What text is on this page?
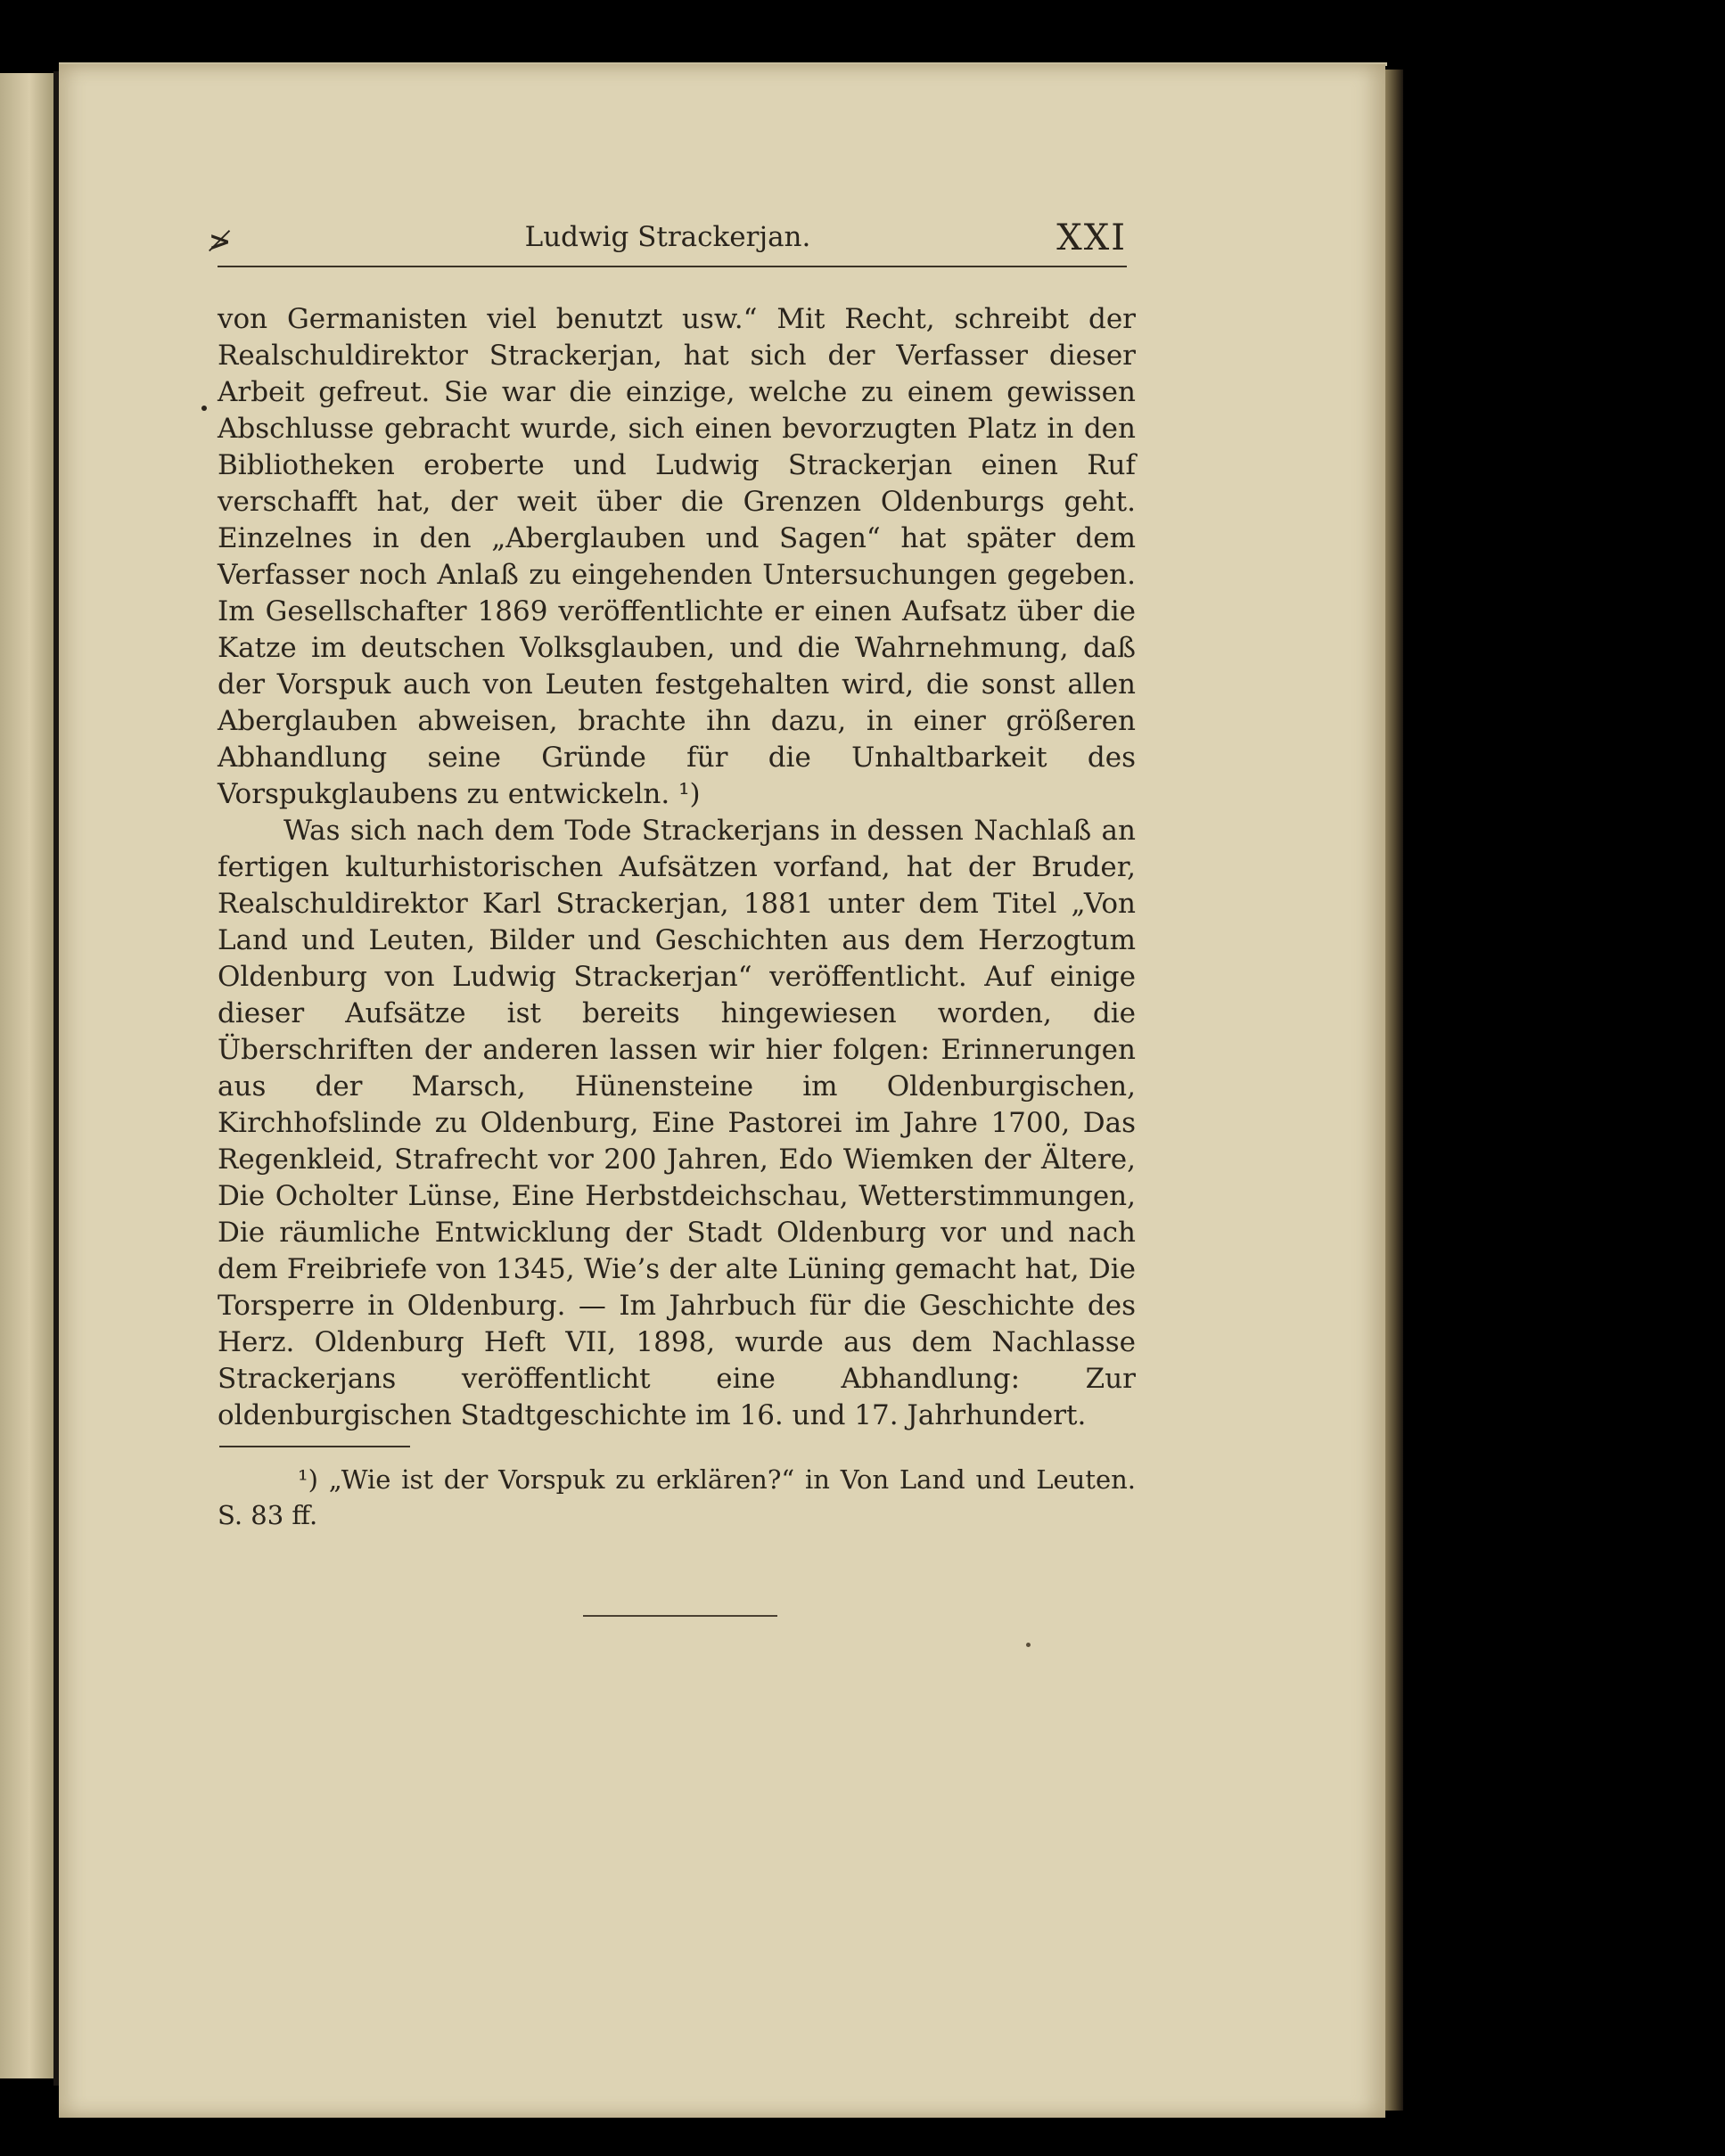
≯	Ludwig Strackerjan.	XXI

von Germanisten viel benutzt usw.“ Mit Recht, schreibt der Realschuldirektor Strackerjan, hat sich der Verfasser dieser Arbeit gefreut. Sie war die einzige, welche zu einem gewissen Abschlusse gebracht wurde, sich einen bevorzugten Platz in den Bibliotheken eroberte und Ludwig Strackerjan einen Ruf verschafft hat, der weit über die Grenzen Oldenburgs geht. Einzelnes in den „Aberglauben und Sagen“ hat später dem Verfasser noch Anlaß zu eingehenden Untersuchungen gegeben. Im Gesellschafter 1869 veröffentlichte er einen Aufsatz über die Katze im deutschen Volksglauben, und die Wahrnehmung, daß der Vorspuk auch von Leuten festgehalten wird, die sonst allen Aberglauben abweisen, brachte ihn dazu, in einer größeren Abhandlung seine Gründe für die Unhaltbarkeit des Vorspukglaubens zu entwickeln. ¹)

Was sich nach dem Tode Strackerjans in dessen Nachlaß an fertigen kulturhistorischen Aufsätzen vorfand, hat der Bruder, Realschuldirektor Karl Strackerjan, 1881 unter dem Titel „Von Land und Leuten, Bilder und Geschichten aus dem Herzogtum Oldenburg von Ludwig Strackerjan“ veröffentlicht. Auf einige dieser Aufsätze ist bereits hingewiesen worden, die Überschriften der anderen lassen wir hier folgen: Erinnerungen aus der Marsch, Hünensteine im Oldenburgischen, Kirchhofslinde zu Oldenburg, Eine Pastorei im Jahre 1700, Das Regenkleid, Strafrecht vor 200 Jahren, Edo Wiemken der Ältere, Die Ocholter Lünse, Eine Herbstdeichschau, Wetterstimmungen, Die räumliche Entwicklung der Stadt Oldenburg vor und nach dem Freibriefe von 1345, Wie’s der alte Lüning gemacht hat, Die Torsperre in Oldenburg. — Im Jahrbuch für die Geschichte des Herz. Oldenburg Heft VII, 1898, wurde aus dem Nachlasse Strackerjans veröffentlicht eine Abhandlung: Zur oldenburgischen Stadtgeschichte im 16. und 17. Jahrhundert.

¹) „Wie ist der Vorspuk zu erklären?“ in Von Land und Leuten. S. 83 ff.
